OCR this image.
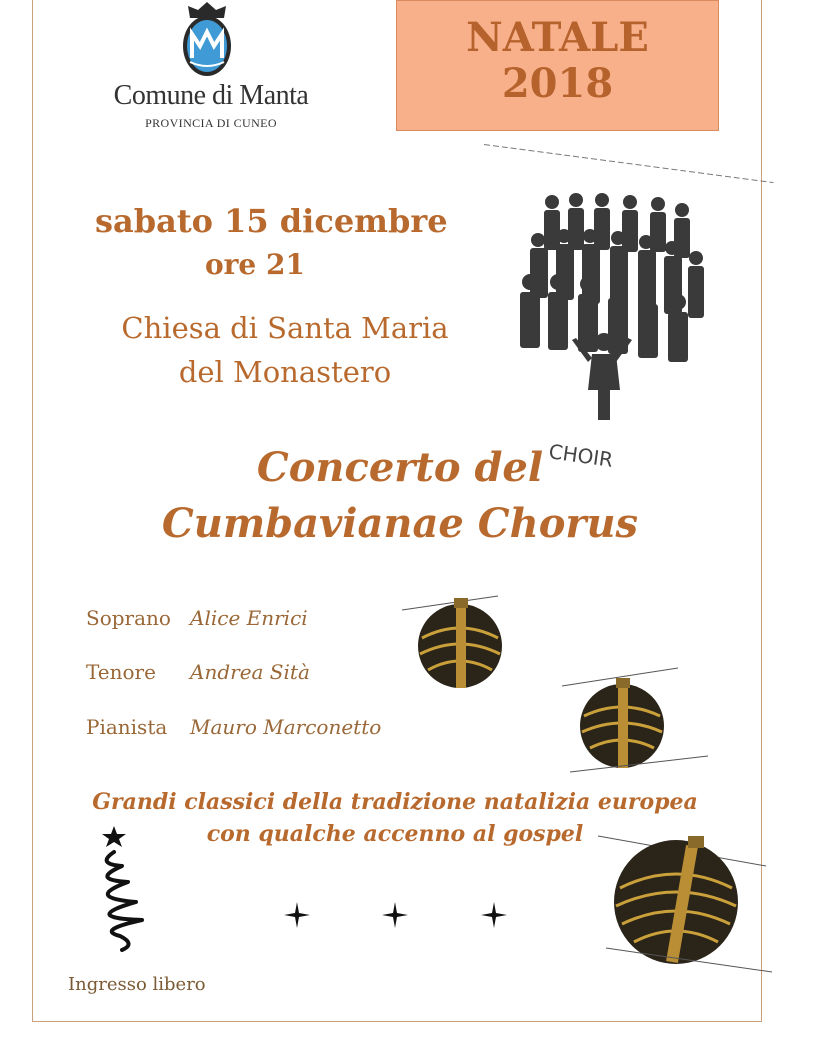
Comune di Manta
PROVINCIA DI CUNEO
NATALE
2018
sabato 15 dicembre
ore 21
Chiesa di Santa Maria
del Monastero
CHOIR
Concerto del
Cumbavianae Chorus
Soprano Alice Enrici
Tenore Andrea Sità
Pianista Mauro Marconetto
Grandi classici della tradizione natalizia europea
con qualche accenno al gospel
Ingresso libero
